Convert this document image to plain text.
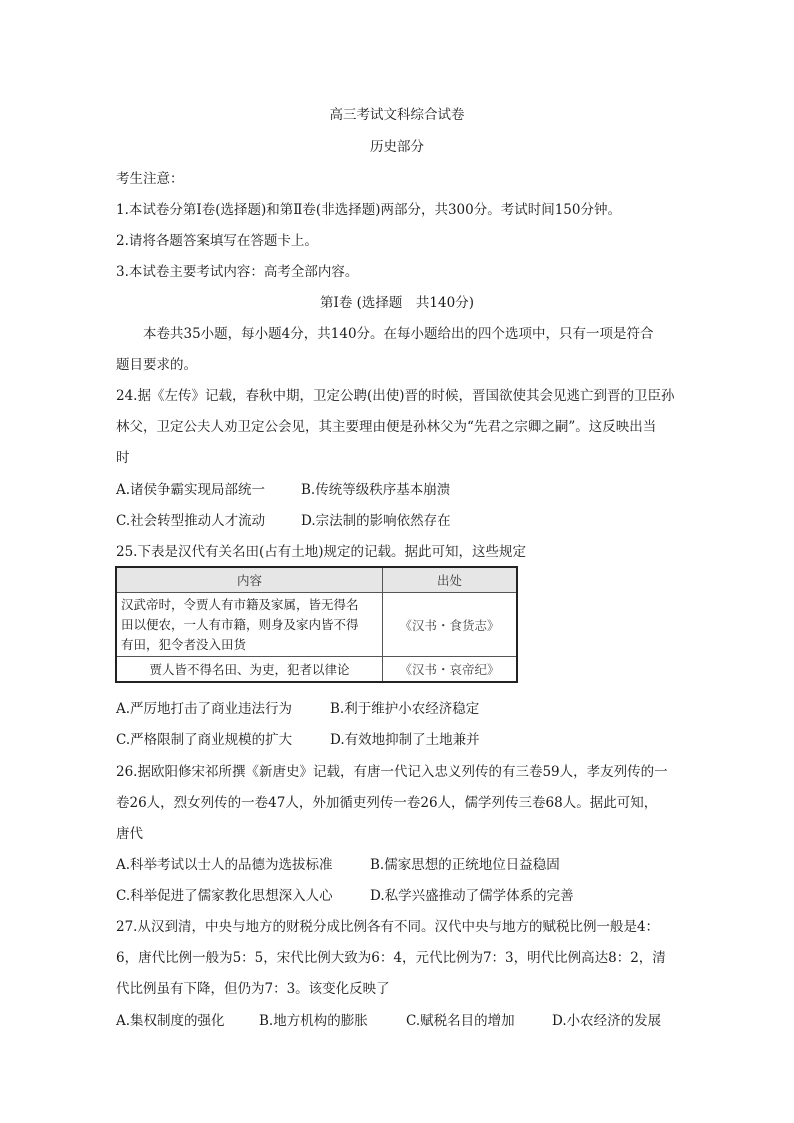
高三考试文科综合试卷
历史部分
考生注意：
1.本试卷分第Ⅰ卷(选择题)和第Ⅱ卷(非选择题)两部分，共300分。考试时间150分钟。
2.请将各题答案填写在答题卡上。
3.本试卷主要考试内容：高考全部内容。
第Ⅰ卷 (选择题　共140分)
本卷共35小题，每小题4分，共140分。在每小题给出的四个选项中，只有一项是符合
题目要求的。
24.据《左传》记载，春秋中期，卫定公聘(出使)晋的时候，晋国欲使其会见逃亡到晋的卫臣孙
林父，卫定公夫人劝卫定公会见，其主要理由便是孙林父为“先君之宗卿之嗣”。这反映出当
时
A.诸侯争霸实现局部统一	B.传统等级秩序基本崩溃
C.社会转型推动人才流动	D.宗法制的影响依然存在
25.下表是汉代有关名田(占有土地)规定的记载。据此可知，这些规定
内容	出处

汉武帝时，令贾人有市籍及家属，皆无得名
田以便农，一人有市籍，则身及家内皆不得
有田，犯令者没入田货	《汉书・食货志》
贾人皆不得名田、为吏，犯者以律论	《汉书・哀帝纪》
A.严厉地打击了商业违法行为	B.利于维护小农经济稳定
C.严格限制了商业规模的扩大	D.有效地抑制了土地兼并
26.据欧阳修宋祁所撰《新唐史》记载，有唐一代记入忠义列传的有三卷59人，孝友列传的一
卷26人，烈女列传的一卷47人，外加循吏列传一卷26人，儒学列传三卷68人。据此可知，
唐代
A.科举考试以士人的品德为选拔标准	B.儒家思想的正统地位日益稳固
C.科举促进了儒家教化思想深入人心	D.私学兴盛推动了儒学体系的完善
27.从汉到清，中央与地方的财税分成比例各有不同。汉代中央与地方的赋税比例一般是4：
6，唐代比例一般为5：5，宋代比例大致为6：4，元代比例为7：3，明代比例高达8：2，清
代比例虽有下降，但仍为7：3。该变化反映了
A.集权制度的强化	B.地方机构的膨胀	C.赋税名目的增加	D.小农经济的发展
